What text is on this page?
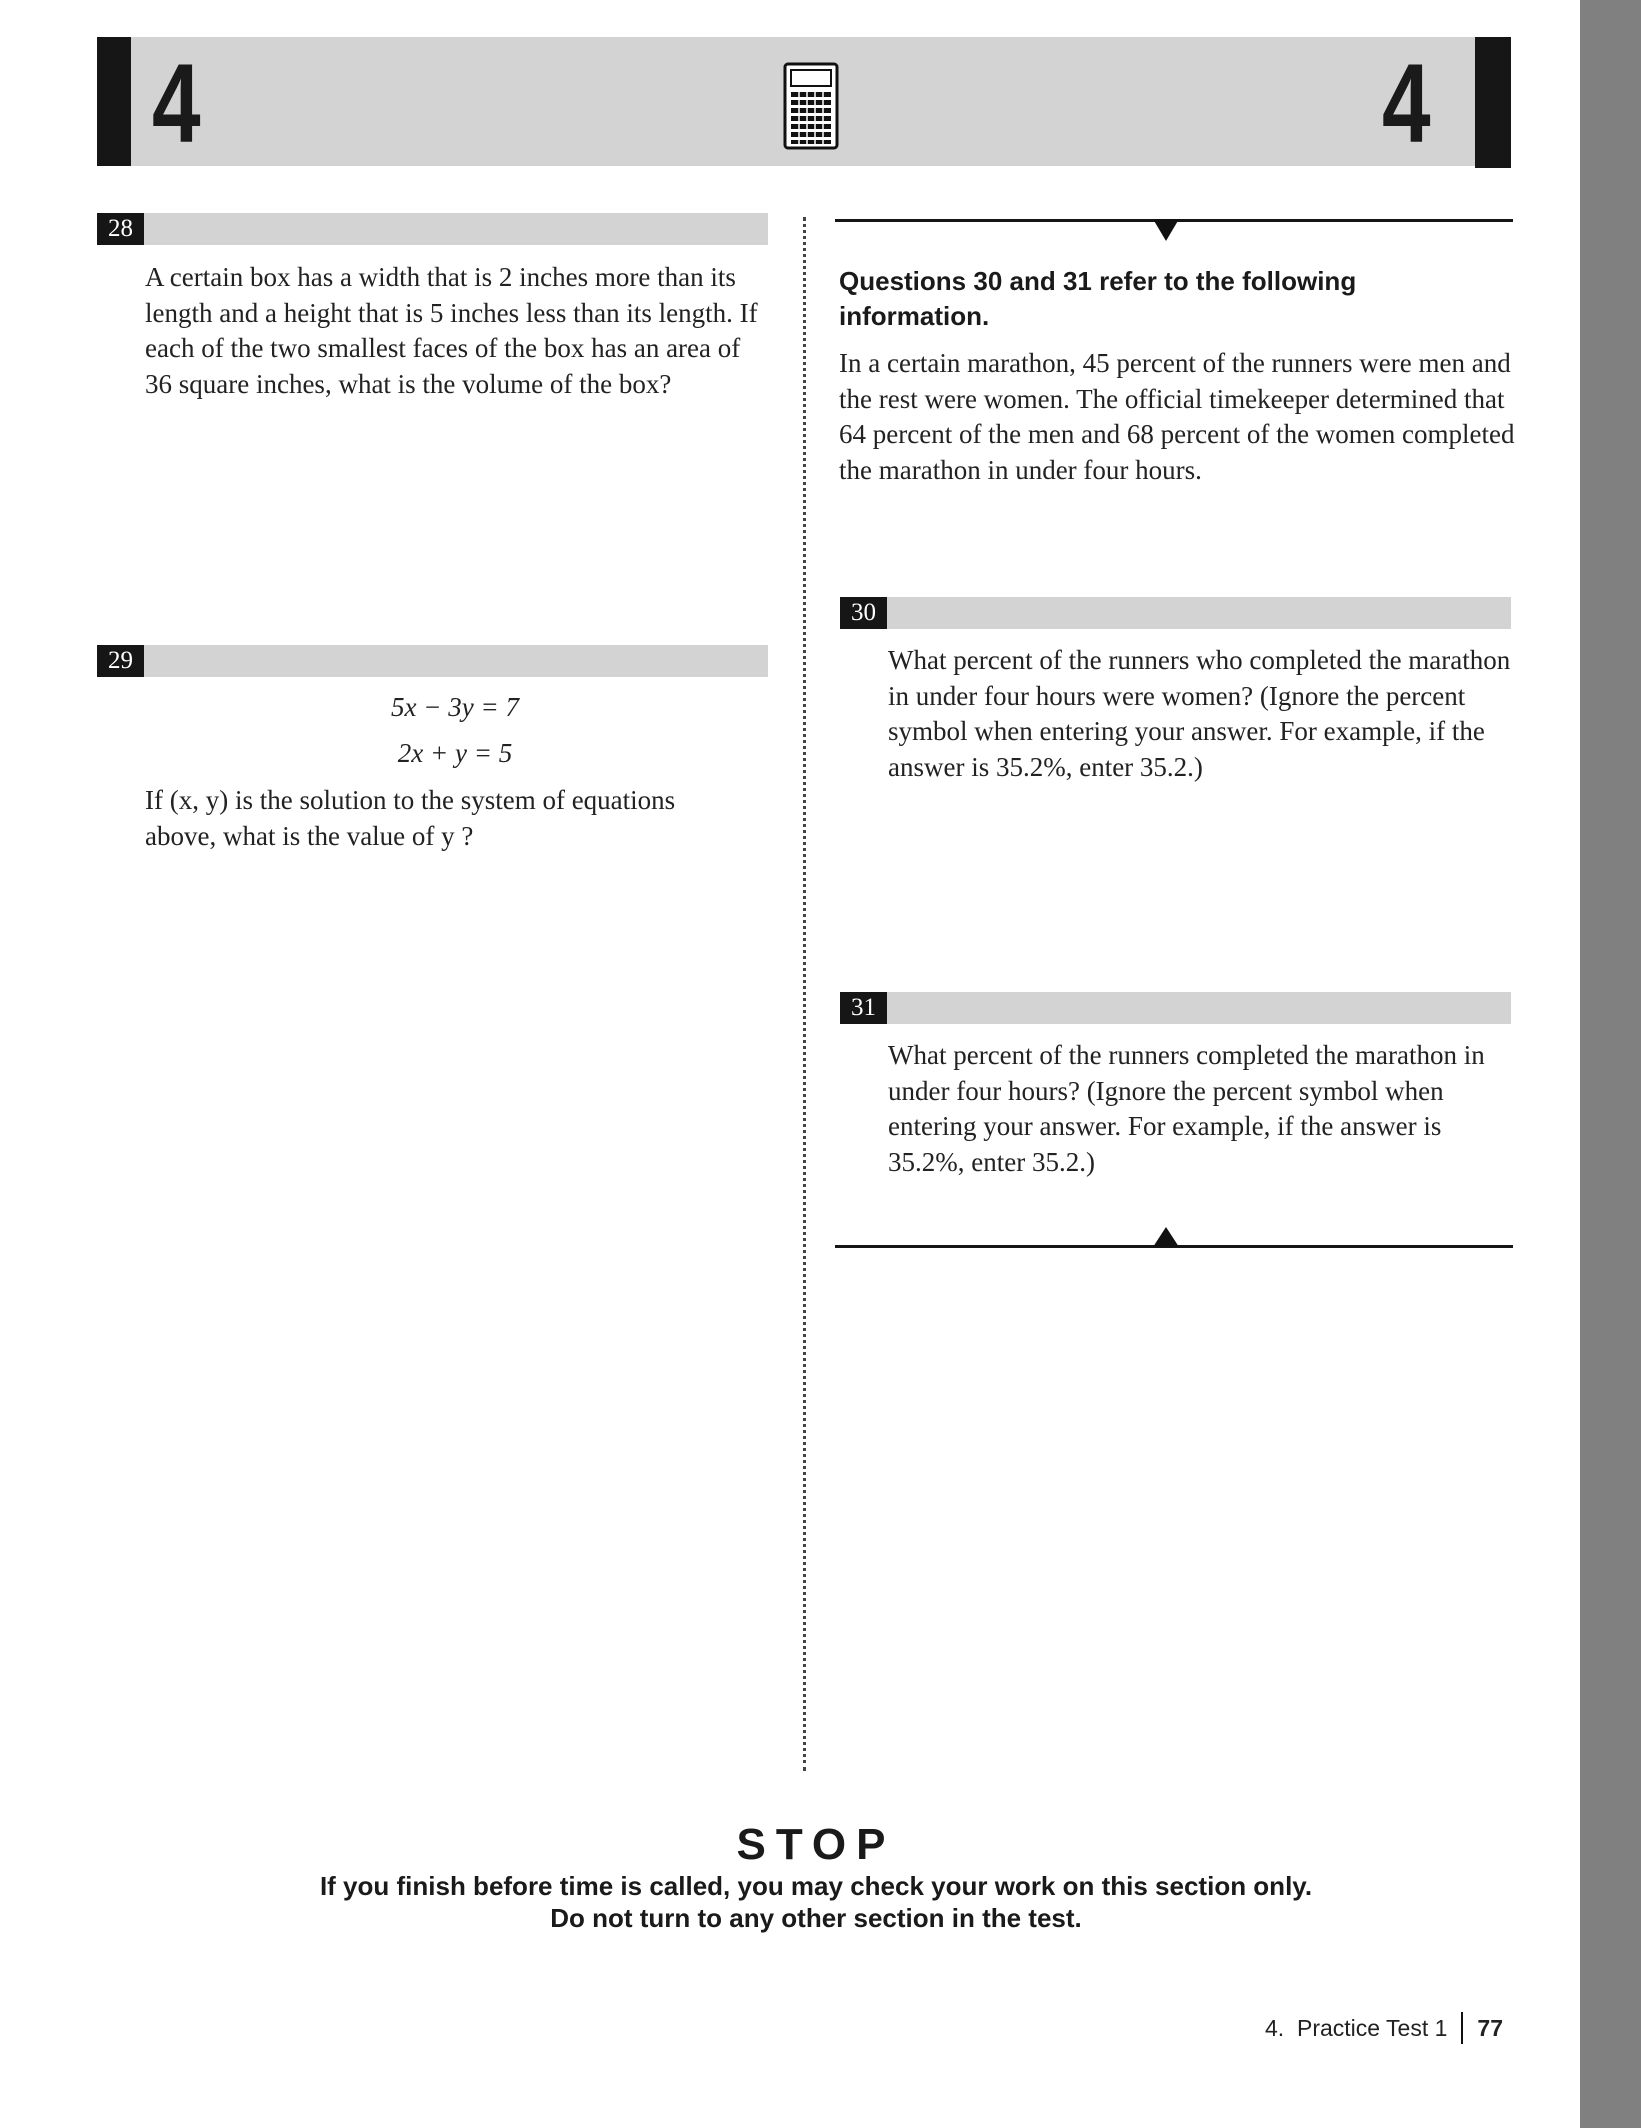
4	4
28
A certain box has a width that is 2 inches more than its length and a height that is 5 inches less than its length. If each of the two smallest faces of the box has an area of 36 square inches, what is the volume of the box?
29
5x − 3y = 7
2x + y = 5
If (x, y) is the solution to the system of equations above, what is the value of y ?
Questions 30 and 31 refer to the following information.
In a certain marathon, 45 percent of the runners were men and the rest were women. The official timekeeper determined that 64 percent of the men and 68 percent of the women completed the marathon in under four hours.
30
What percent of the runners who completed the marathon in under four hours were women? (Ignore the percent symbol when entering your answer. For example, if the answer is 35.2%, enter 35.2.)
31
What percent of the runners completed the marathon in under four hours? (Ignore the percent symbol when entering your answer. For example, if the answer is 35.2%, enter 35.2.)
STOP
If you finish before time is called, you may check your work on this section only.
Do not turn to any other section in the test.
4.  Practice Test 1 77
